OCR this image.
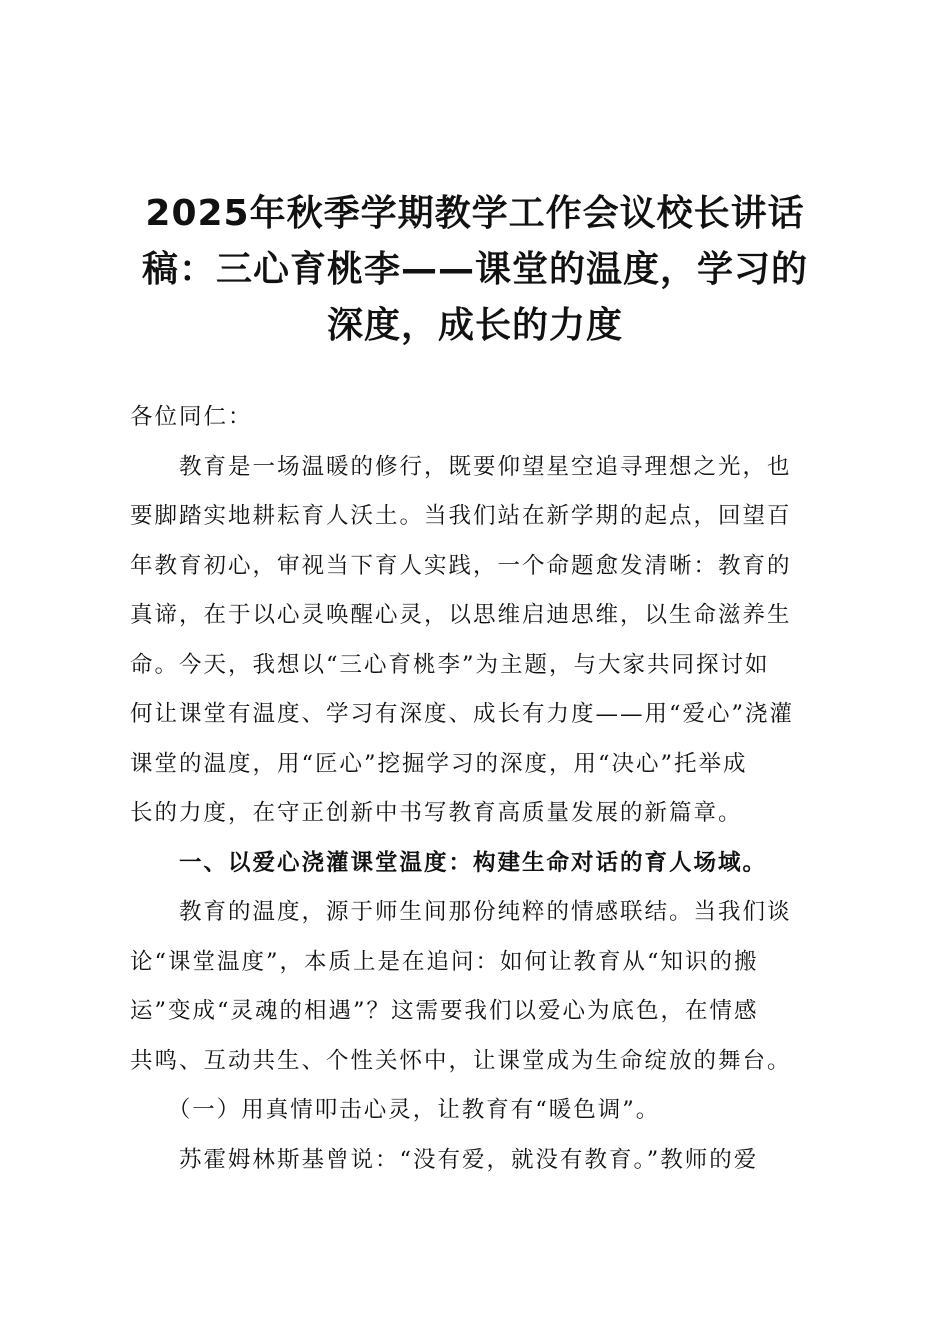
2025年秋季学期教学工作会议校长讲话
稿：三心育桃李——课堂的温度，学习的
深度，成长的力度
各位同仁：
　　教育是一场温暖的修行，既要仰望星空追寻理想之光，也
要脚踏实地耕耘育人沃土。当我们站在新学期的起点，回望百
年教育初心，审视当下育人实践，一个命题愈发清晰：教育的
真谛，在于以心灵唤醒心灵，以思维启迪思维，以生命滋养生
命。今天，我想以“三心育桃李”为主题，与大家共同探讨如
何让课堂有温度、学习有深度、成长有力度——用“爱心”浇灌
课堂的温度，用“匠心”挖掘学习的深度，用“决心”托举成
长的力度，在守正创新中书写教育高质量发展的新篇章。
　　一、以爱心浇灌课堂温度：构建生命对话的育人场域。
　　教育的温度，源于师生间那份纯粹的情感联结。当我们谈
论“课堂温度”，本质上是在追问：如何让教育从“知识的搬
运”变成“灵魂的相遇”？这需要我们以爱心为底色，在情感
共鸣、互动共生、个性关怀中，让课堂成为生命绽放的舞台。
　　（一）用真情叩击心灵，让教育有“暖色调”。
　　苏霍姆林斯基曾说：“没有爱，就没有教育。”教师的爱
